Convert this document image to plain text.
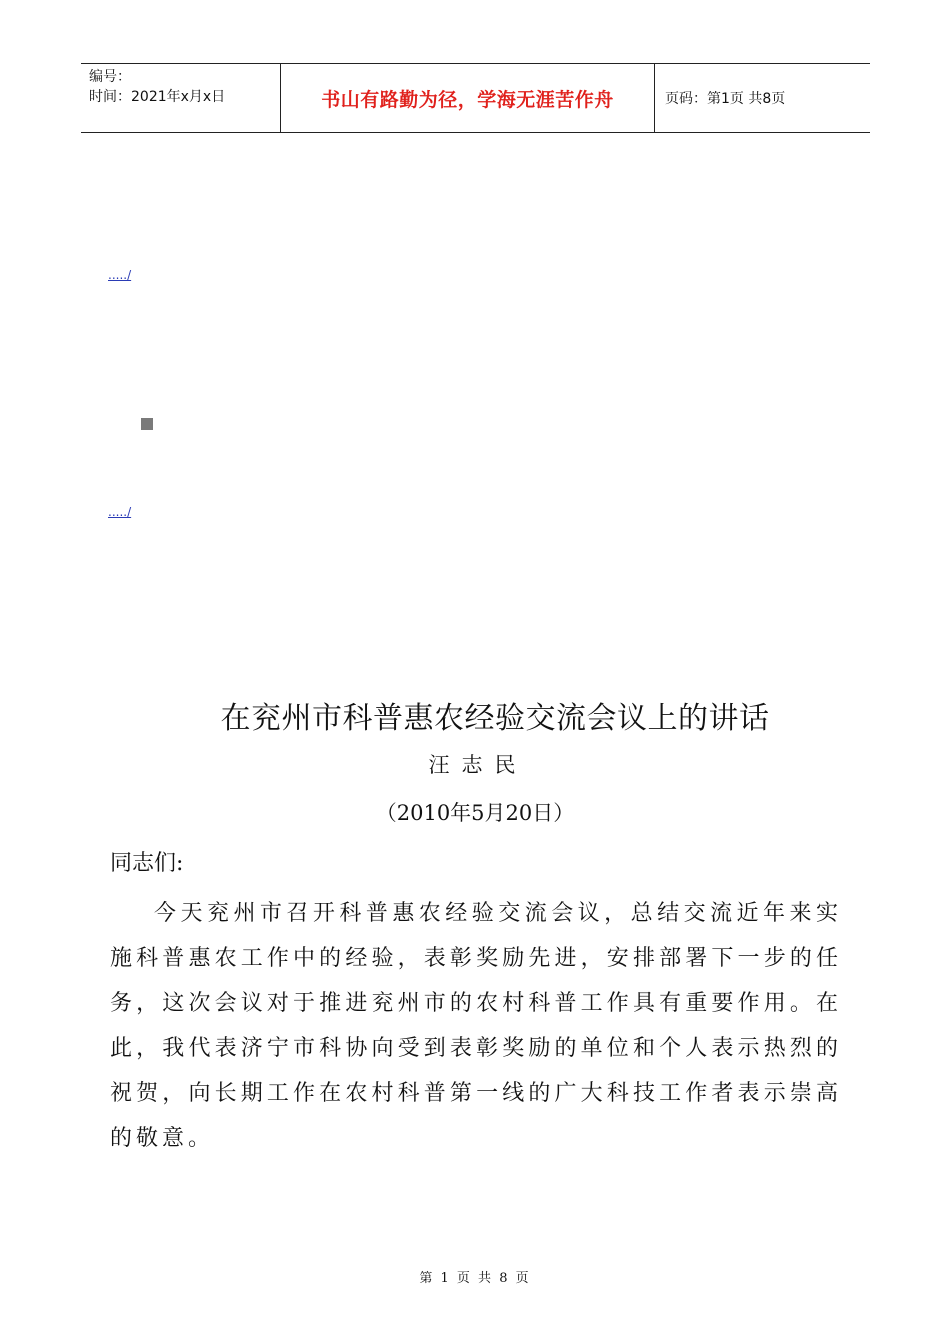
编号：
时间：2021年x月x日	书山有路勤为径，学海无涯苦作舟	页码：第1页 共8页
...../
...../
在兖州市科普惠农经验交流会议上的讲话
汪志民
（2010年5月20日）
同志们:

今天兖州市召开科普惠农经验交流会议，总结交流近年来实施科普惠农工作中的经验，表彰奖励先进，安排部署下一步的任务，这次会议对于推进兖州市的农村科普工作具有重要作用。在此，我代表济宁市科协向受到表彰奖励的单位和个人表示热烈的祝贺，向长期工作在农村科普第一线的广大科技工作者表示崇高的敬意。

第 1 页 共 8 页
